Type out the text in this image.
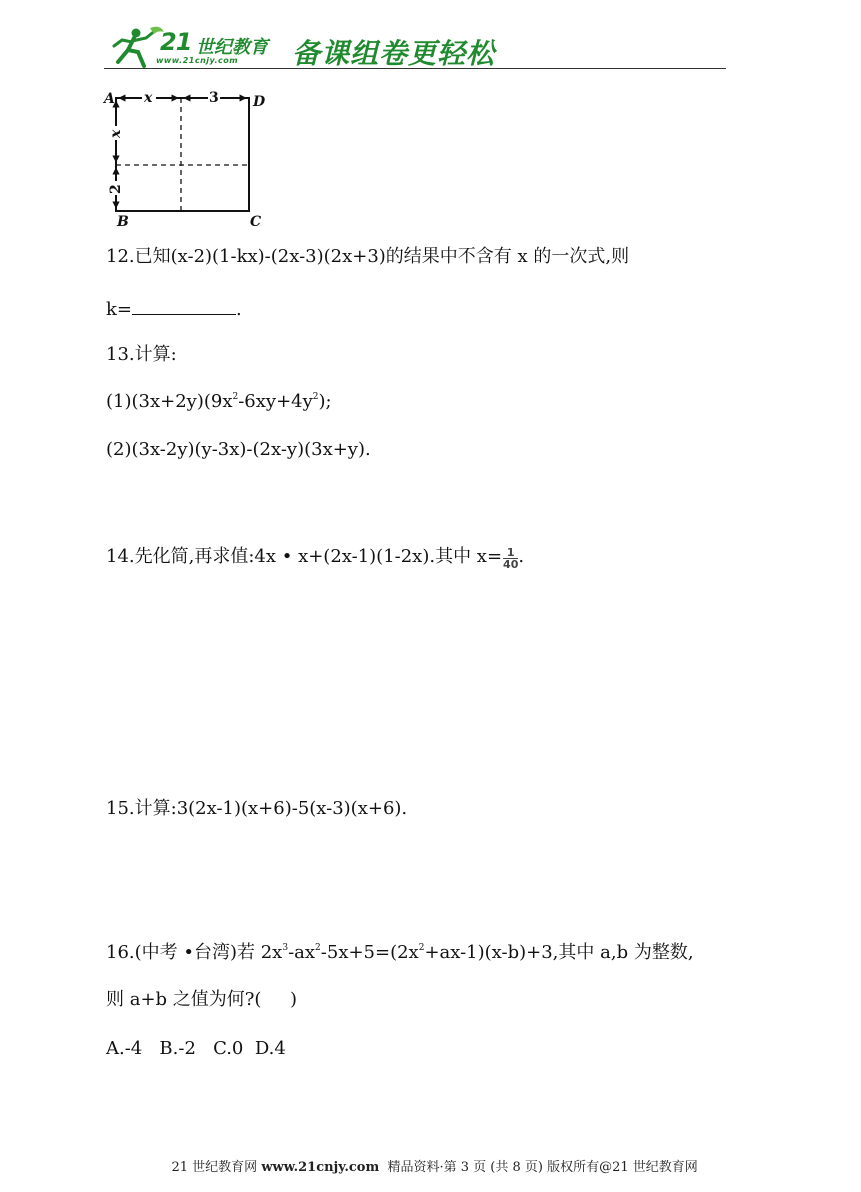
21 世纪教育
www.21cnjy.com 备课组卷更轻松
A	D
B	C
x	3
x
2
12.已知(x-2)(1-kx)-(2x-3)(2x+3)的结果中不含有 x 的一次式,则
k=	.
13.计算:
$(1)(3x+2y)(9x^2-6xy+4y^2)$;
(2)(3x-2y)(y-3x)-(2x-y)(3x+y).
14.先化简,再求值:4x • x+(2x-1)(1-2x).其中 $x= \frac{1}{40}$ .
15.计算:3(2x-1)(x+6)-5(x-3)(x+6).
16.(中考 •台湾)若 $2x^3-ax^2-5x+5=(2x^2+ax-1)(x-b)+3$,其中 a,b 为整数,
则 a+b 之值为何?(     )
A.-4   B.-2   C.0  D.4

21 世纪教育网 www.21cnjy.com  精品资料·第 3 页 (共 8 页) 版权所有@21 世纪教育网
